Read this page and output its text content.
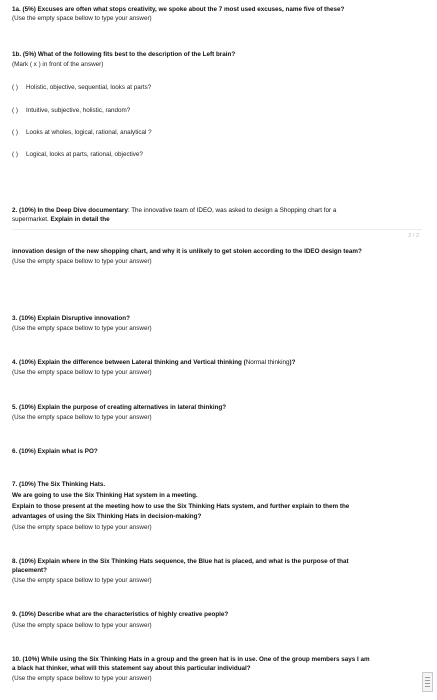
1a. (5%) Excuses are often what stops creativity, we spoke about the 7 most used excuses, name five of these?
(Use the empty space bellow to type your answer)
1b. (5%) What of the following fits best to the description of the Left brain?
(Mark ( x ) in front of the answer)
( ) Holistic, objective, sequential, looks at parts?
( ) Intuitive, subjective, holistic, random?
( ) Looks at wholes, logical, rational, analytical ?
( ) Logical, looks at parts, rational, objective?
2. (10%) In the Deep Dive documentary: The innovative team of IDEO, was asked to design a Shopping chart for a
supermarket. Explain in detail the
2 / 2
innovation design of the new shopping chart, and why it is unlikely to get stolen according to the IDEO design team?
(Use the empty space bellow to type your answer)
3. (10%) Explain Disruptive innovation?
(Use the empty space bellow to type your answer)
4. (10%) Explain the difference between Lateral thinking and Vertical thinking (Normal thinking)?
(Use the empty space bellow to type your answer)
5. (10%) Explain the purpose of creating alternatives in lateral thinking?
(Use the empty space bellow to type your answer)
6. (10%) Explain what is PO?
7. (10%) The Six Thinking Hats.
We are going to use the Six Thinking Hat system in a meeting.
Explain to those present at the meeting how to use the Six Thinking Hats system, and further explain to them the
advantages of using the Six Thinking Hats in decision-making?
(Use the empty space bellow to type your answer)
8. (10%) Explain where in the Six Thinking Hats sequence, the Blue hat is placed, and what is the purpose of that
placement?
(Use the empty space bellow to type your answer)
9. (10%) Describe what are the characteristics of highly creative people?
(Use the empty space bellow to type your answer)
10. (10%) While using the Six Thinking Hats in a group and the green hat is in use. One of the group members says I am
a black hat thinker, what will this statement say about this particular individual?
(Use the empty space bellow to type your answer)
